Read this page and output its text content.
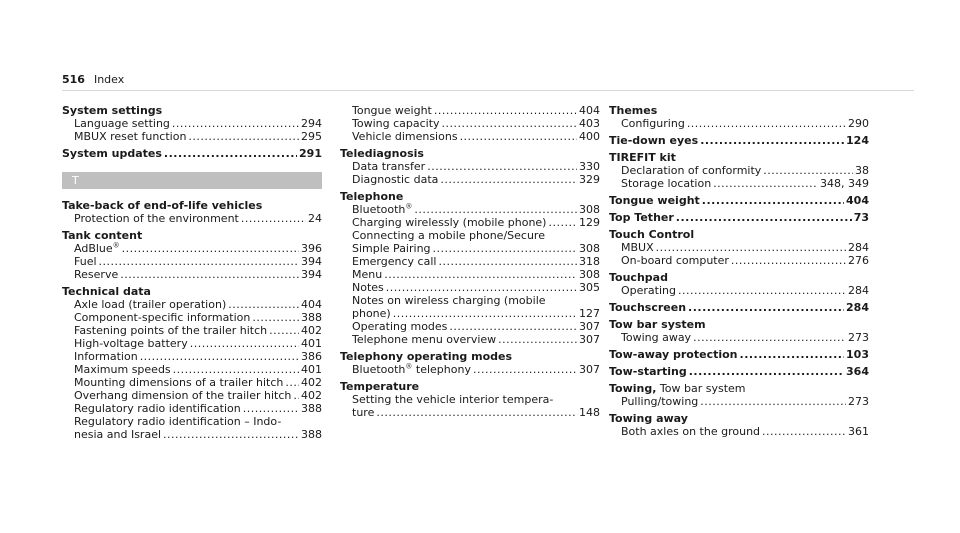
516 Index
System settings
Language setting .....	294
MBUX reset function .....	295
System updates .....	291
T
Take-back of end-of-life vehicles
Protection of the environment .....	24
Tank content
AdBlue® .....	396
Fuel .....	394
Reserve .....	394
Technical data
Axle load (trailer operation) .....	404
Component-specific information .....	388
Fastening points of the trailer hitch .....	402
High-voltage battery .....	401
Information .....	386
Maximum speeds .....	401
Mounting dimensions of a trailer hitch ..... 402
Overhang dimension of the trailer hitch ..... 402
Regulatory radio identification .....	388
Regulatory radio identification – Indo-
nesia and Israel .....	388
Tongue weight .....	404
Towing capacity .....	403
Vehicle dimensions .....	400
Telediagnosis
Data transfer .....	330
Diagnostic data .....	329
Telephone
Bluetooth® .....	308
Charging wirelessly (mobile phone) .....	129
Connecting a mobile phone/Secure
Simple Pairing .....	308
Emergency call .....	318
Menu .....	308
Notes .....	305
Notes on wireless charging (mobile
phone) .....	127
Operating modes .....	307
Telephone menu overview .....	307
Telephony operating modes
Bluetooth® telephony .....	307
Temperature
Setting the vehicle interior tempera-
ture .....	148
Themes
Configuring .....	290
Tie-down eyes .....	124
TIREFIT kit
Declaration of conformity .....	38
Storage location .....	348, 349
Tongue weight .....	404
Top Tether .....	73
Touch Control
MBUX .....	284
On-board computer .....	276
Touchpad
Operating .....	284
Touchscreen .....	284
Tow bar system
Towing away .....	273
Tow-away protection .....	103
Tow-starting .....	364
Towing, Tow bar system
Pulling/towing .....	273
Towing away
Both axles on the ground .....	361
